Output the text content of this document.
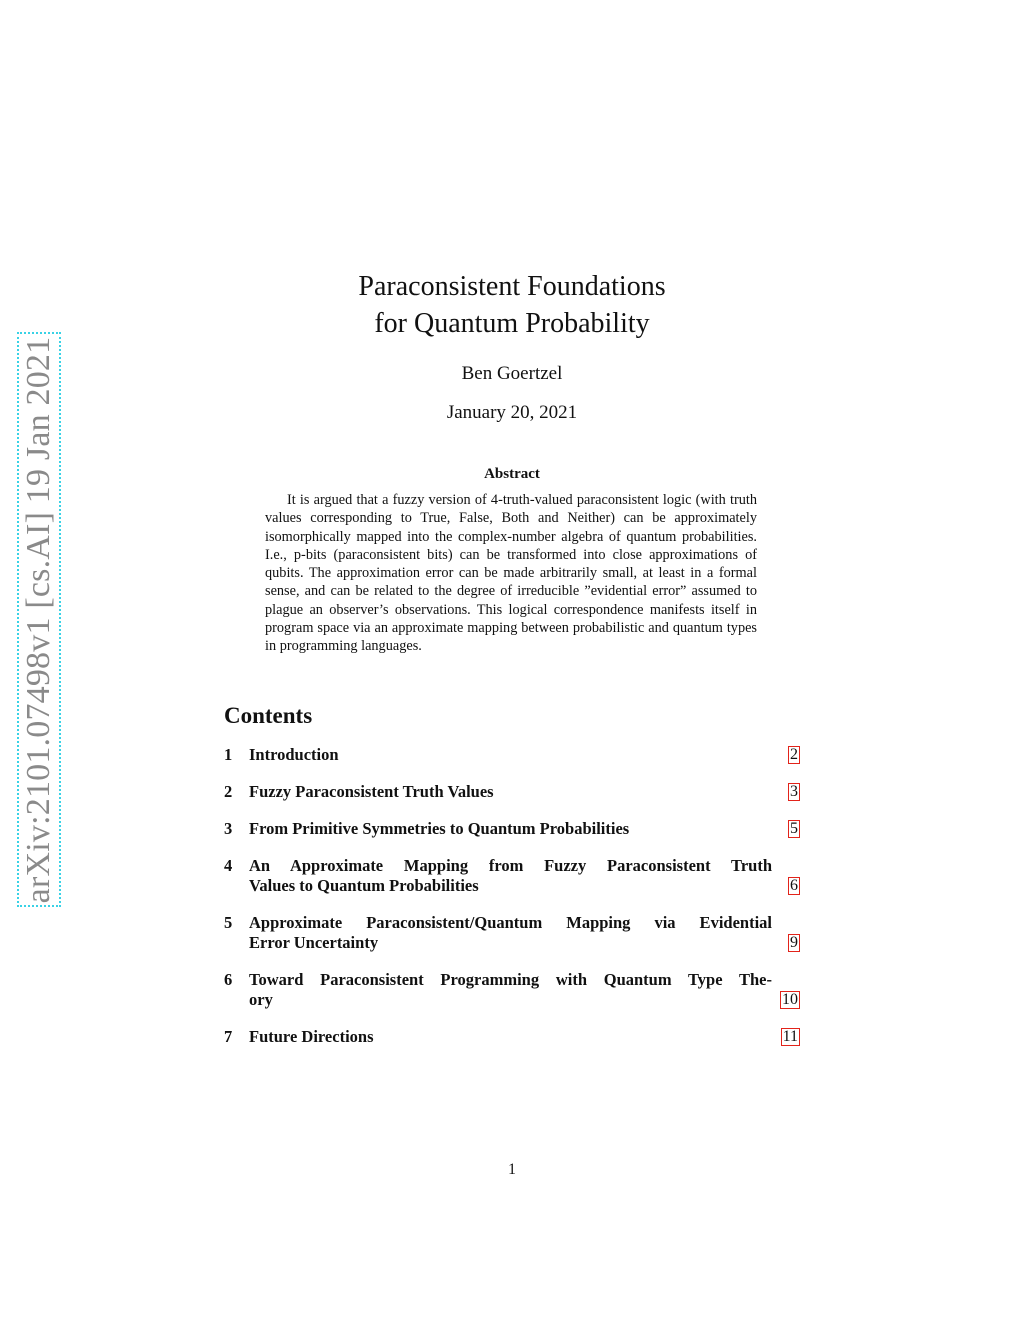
arXiv:2101.07498v1 [cs.AI] 19 Jan 2021
Paraconsistent Foundations
for Quantum Probability
Ben Goertzel
January 20, 2021
Abstract
It is argued that a fuzzy version of 4-truth-valued paraconsistent logic (with truth values corresponding to True, False, Both and Neither) can be approximately isomorphically mapped into the complex-number algebra of quantum probabilities. I.e., p-bits (paraconsistent bits) can be transformed into close approximations of qubits. The approximation error can be made arbitrarily small, at least in a formal sense, and can be related to the degree of irreducible ”evidential error” assumed to plague an observer’s observations. This logical correspondence manifests itself in program space via an approximate mapping between probabilistic and quantum types in programming languages.
Contents
1	Introduction	2
2	Fuzzy Paraconsistent Truth Values	3
3	From Primitive Symmetries to Quantum Probabilities	5
4	An Approximate Mapping from Fuzzy Paraconsistent Truth
Values to Quantum Probabilities	6
5	Approximate Paraconsistent/Quantum Mapping via Evidential
Error Uncertainty	9
6	Toward Paraconsistent Programming with Quantum Type The-
ory	10
7	Future Directions	11
1
